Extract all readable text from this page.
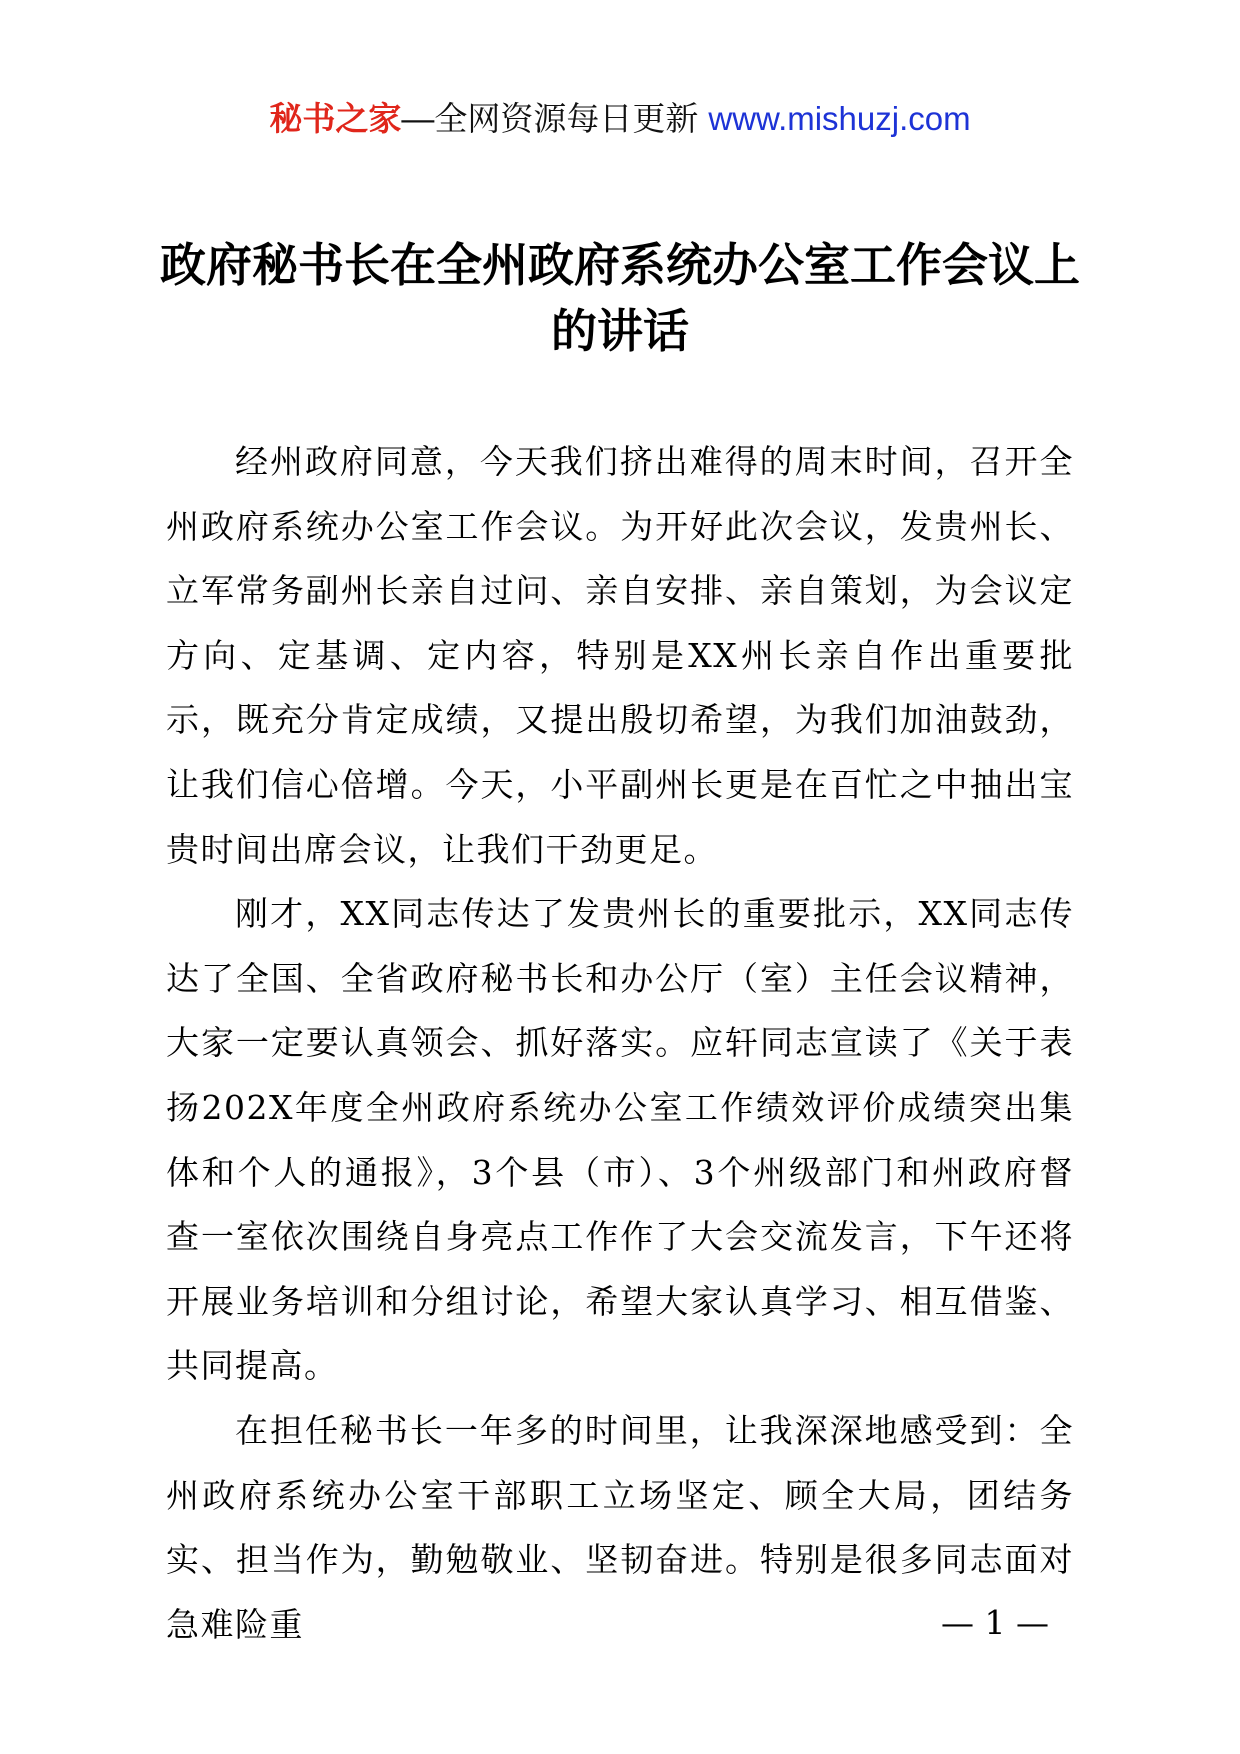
秘书之家—全网资源每日更新 www.mishuzj.com
政府秘书长在全州政府系统办公室工作会议上的讲话

经州政府同意，今天我们挤出难得的周末时间，召开全州政府系统办公室工作会议。为开好此次会议，发贵州长、立军常务副州长亲自过问、亲自安排、亲自策划，为会议定方向、定基调、定内容，特别是XX州长亲自作出重要批示，既充分肯定成绩，又提出殷切希望，为我们加油鼓劲，让我们信心倍增。今天，小平副州长更是在百忙之中抽出宝贵时间出席会议，让我们干劲更足。

刚才，XX同志传达了发贵州长的重要批示，XX同志传达了全国、全省政府秘书长和办公厅（室）主任会议精神，大家一定要认真领会、抓好落实。应轩同志宣读了《关于表扬202X年度全州政府系统办公室工作绩效评价成绩突出集体和个人的通报》，3个县（市）、3个州级部门和州政府督查一室依次围绕自身亮点工作作了大会交流发言，下午还将开展业务培训和分组讨论，希望大家认真学习、相互借鉴、共同提高。

在担任秘书长一年多的时间里，让我深深地感受到：全州政府系统办公室干部职工立场坚定、顾全大局，团结务实、担当作为，勤勉敬业、坚韧奋进。特别是很多同志面对急难险重	— 1 —
